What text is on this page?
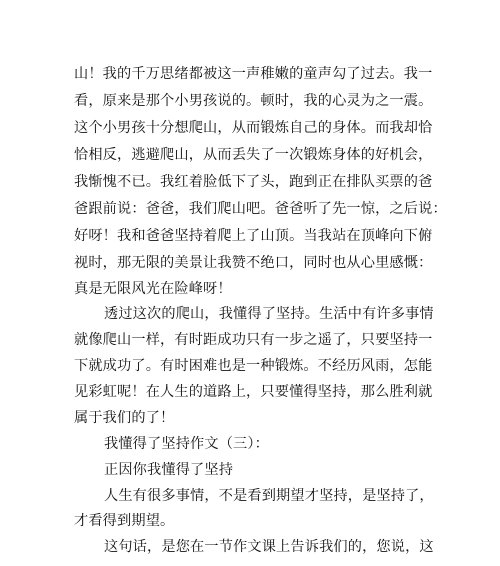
山！我的千万思绪都被这一声稚嫩的童声勾了过去。我一
看，原来是那个小男孩说的。顿时，我的心灵为之一震。
这个小男孩十分想爬山，从而锻炼自己的身体。而我却恰
恰相反，逃避爬山，从而丢失了一次锻炼身体的好机会，
我惭愧不已。我红着脸低下了头，跑到正在排队买票的爸
爸跟前说：爸爸，我们爬山吧。爸爸听了先一惊，之后说：
好呀！我和爸爸坚持着爬上了山顶。当我站在顶峰向下俯
视时，那无限的美景让我赞不绝口，同时也从心里感慨：
真是无限风光在险峰呀！
透过这次的爬山，我懂得了坚持。生活中有许多事情
就像爬山一样，有时距成功只有一步之遥了，只要坚持一
下就成功了。有时困难也是一种锻炼。不经历风雨，怎能
见彩虹呢！在人生的道路上，只要懂得坚持，那么胜利就
属于我们的了！
我懂得了坚持作文（三）：
正因你我懂得了坚持
人生有很多事情，不是看到期望才坚持，是坚持了，
才看得到期望。
这句话，是您在一节作文课上告诉我们的，您说，这
